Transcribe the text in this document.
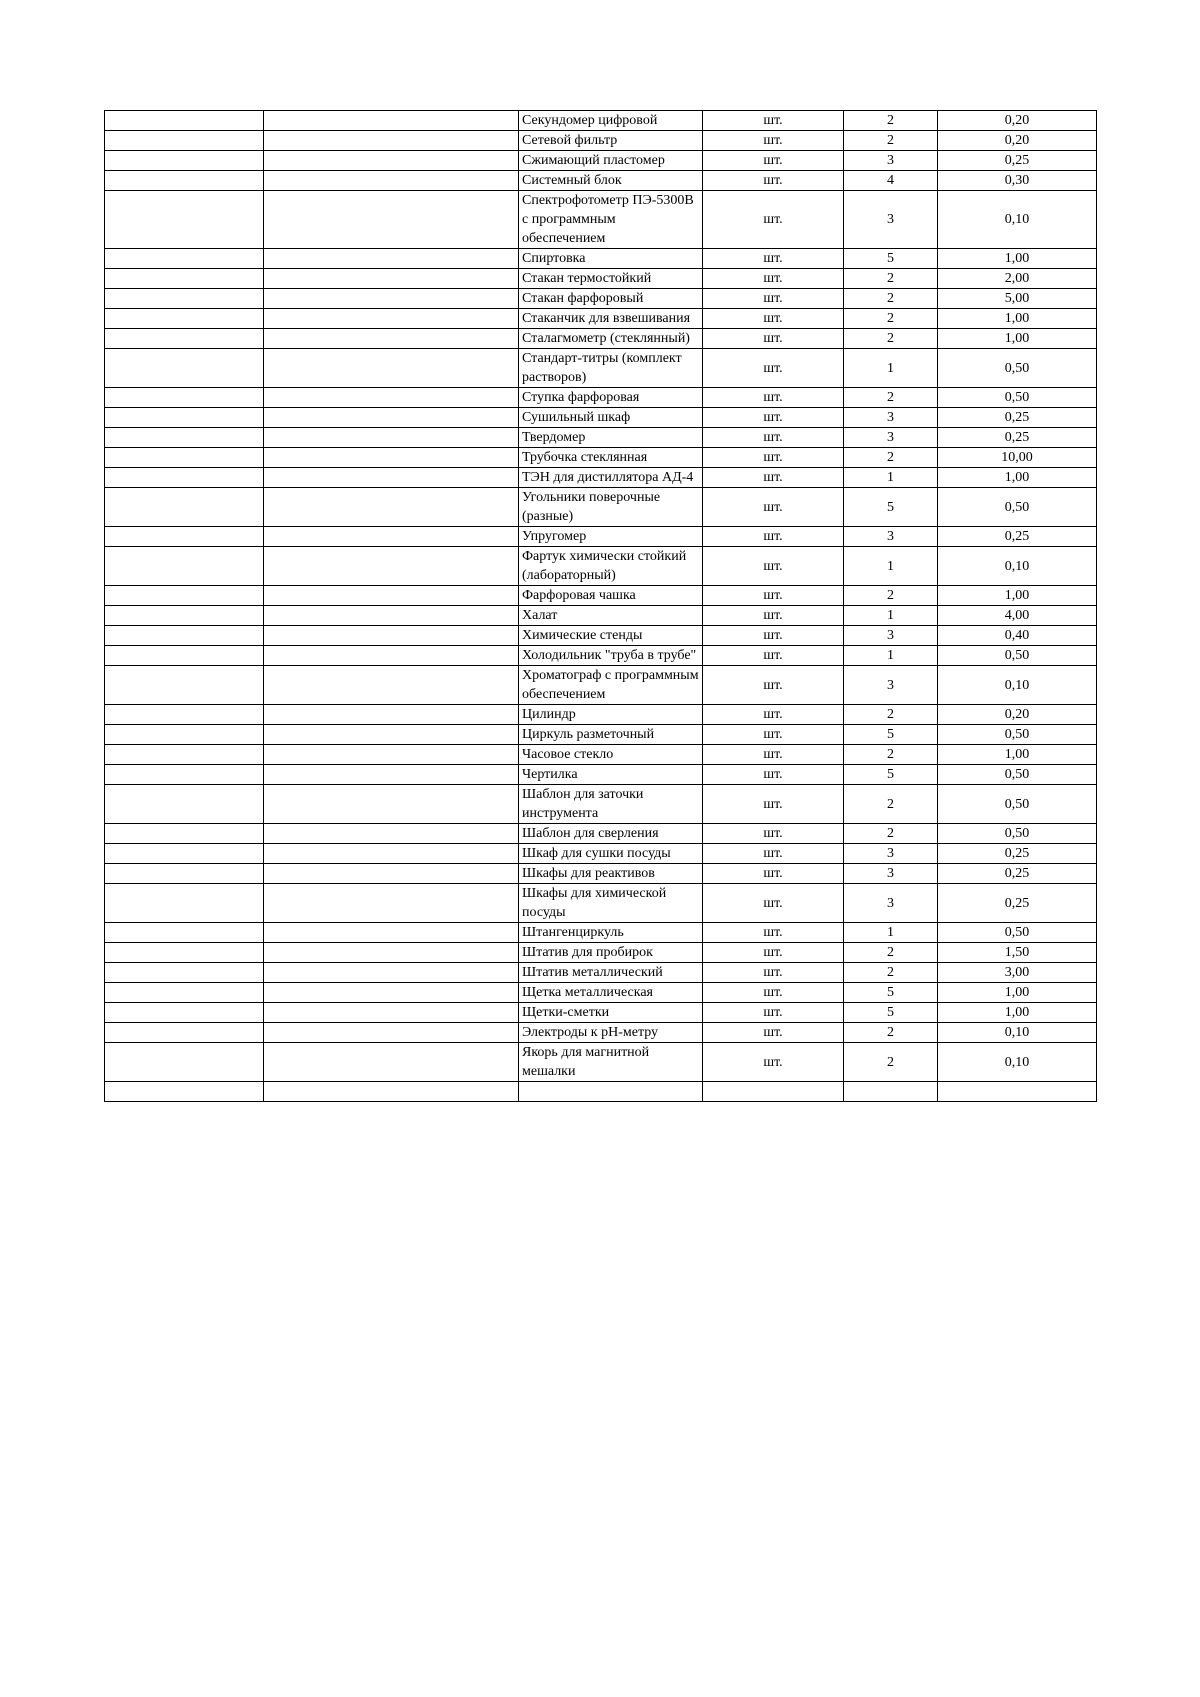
		Секундомер цифровой	шт.	2	0,20
		Сетевой фильтр	шт.	2	0,20
		Сжимающий пластомер	шт.	3	0,25
		Системный блок	шт.	4	0,30
		Спектрофотометр ПЭ-5300В с программным обеспечением	шт.	3	0,10
		Спиртовка	шт.	5	1,00
		Стакан термостойкий	шт.	2	2,00
		Стакан фарфоровый	шт.	2	5,00
		Стаканчик для взвешивания	шт.	2	1,00
		Сталагмометр (стеклянный)	шт.	2	1,00
		Стандарт-титры (комплект растворов)	шт.	1	0,50
		Ступка фарфоровая	шт.	2	0,50
		Сушильный шкаф	шт.	3	0,25
		Твердомер	шт.	3	0,25
		Трубочка стеклянная	шт.	2	10,00
		ТЭН для дистиллятора АД-4	шт.	1	1,00
		Угольники поверочные (разные)	шт.	5	0,50
		Упругомер	шт.	3	0,25
		Фартук химически стойкий (лабораторный)	шт.	1	0,10
		Фарфоровая чашка	шт.	2	1,00
		Халат	шт.	1	4,00
		Химические стенды	шт.	3	0,40
		Холодильник "труба в трубе"	шт.	1	0,50
		Хроматограф с программным обеспечением	шт.	3	0,10
		Цилиндр	шт.	2	0,20
		Циркуль разметочный	шт.	5	0,50
		Часовое стекло	шт.	2	1,00
		Чертилка	шт.	5	0,50
		Шаблон для заточки инструмента	шт.	2	0,50
		Шаблон для сверления	шт.	2	0,50
		Шкаф для сушки посуды	шт.	3	0,25
		Шкафы для реактивов	шт.	3	0,25
		Шкафы для химической посуды	шт.	3	0,25
		Штангенциркуль	шт.	1	0,50
		Штатив для пробирок	шт.	2	1,50
		Штатив металлический	шт.	2	3,00
		Щетка металлическая	шт.	5	1,00
		Щетки-сметки	шт.	5	1,00
		Электроды к рН-метру	шт.	2	0,10
		Якорь для магнитной мешалки	шт.	2	0,10
